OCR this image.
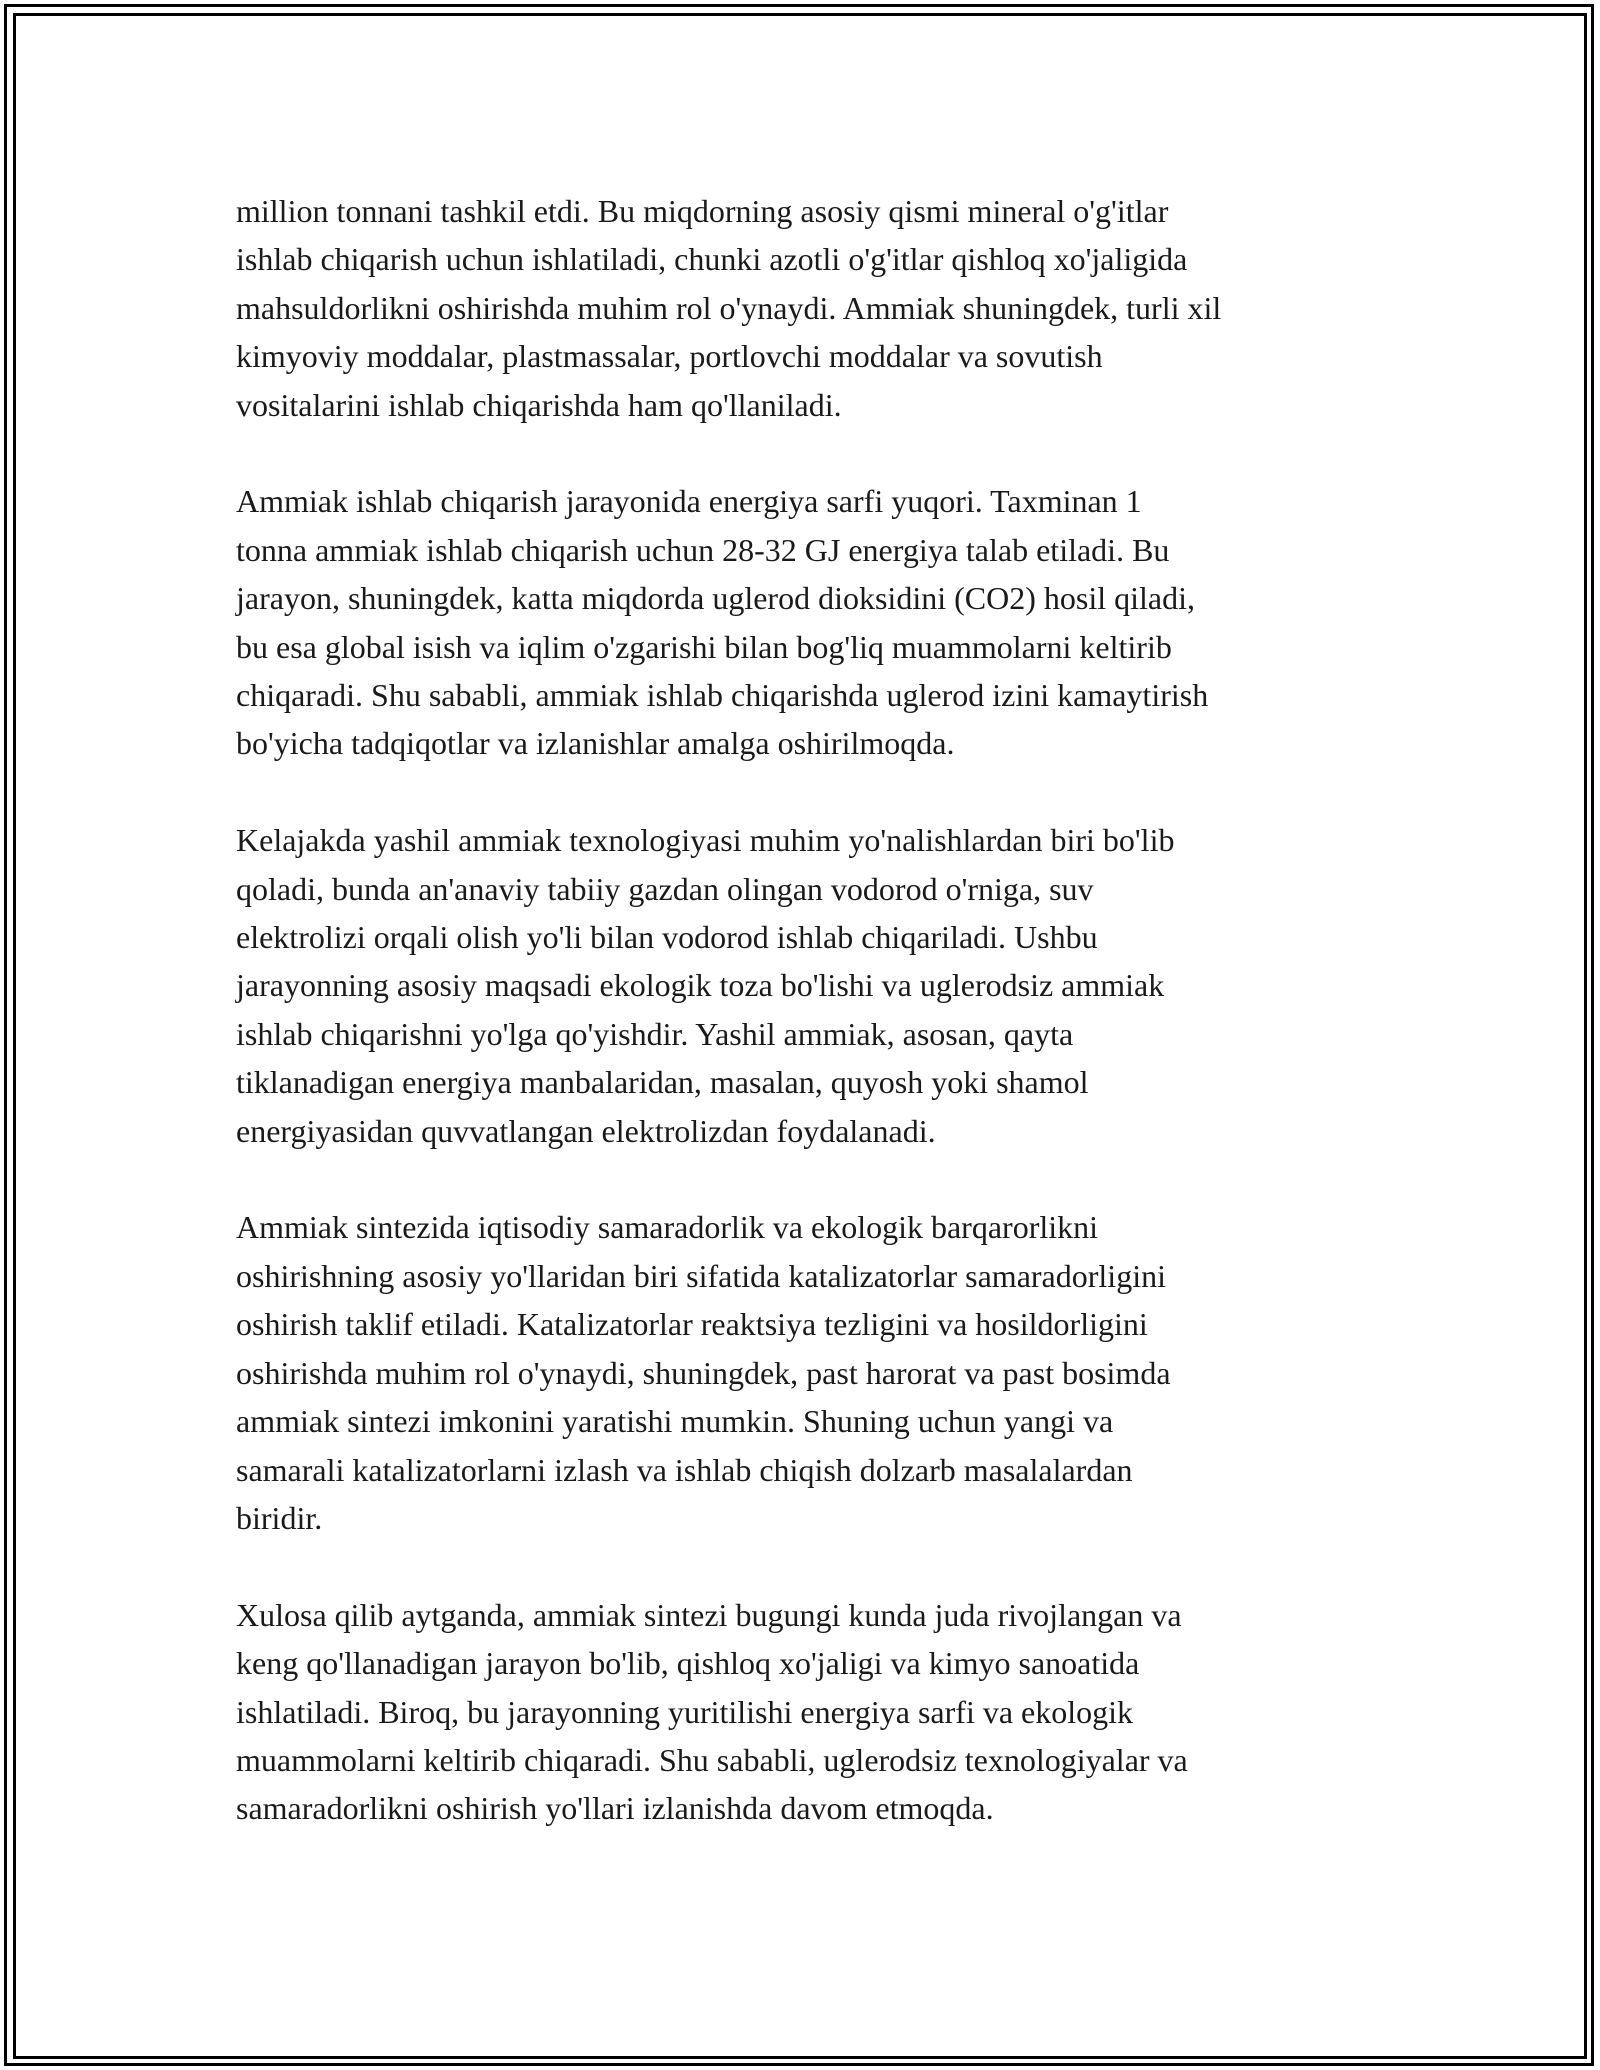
million tonnani tashkil etdi. Bu miqdorning asosiy qismi mineral o'g'itlar
ishlab chiqarish uchun ishlatiladi, chunki azotli o'g'itlar qishloq xo'jaligida
mahsuldorlikni oshirishda muhim rol o'ynaydi. Ammiak shuningdek, turli xil
kimyoviy moddalar, plastmassalar, portlovchi moddalar va sovutish
vositalarini ishlab chiqarishda ham qo'llaniladi.

Ammiak ishlab chiqarish jarayonida energiya sarfi yuqori. Taxminan 1
tonna ammiak ishlab chiqarish uchun 28-32 GJ energiya talab etiladi. Bu
jarayon, shuningdek, katta miqdorda uglerod dioksidini (CO2) hosil qiladi,
bu esa global isish va iqlim o'zgarishi bilan bog'liq muammolarni keltirib
chiqaradi. Shu sababli, ammiak ishlab chiqarishda uglerod izini kamaytirish
bo'yicha tadqiqotlar va izlanishlar amalga oshirilmoqda.

Kelajakda yashil ammiak texnologiyasi muhim yo'nalishlardan biri bo'lib
qoladi, bunda an'anaviy tabiiy gazdan olingan vodorod o'rniga, suv
elektrolizi orqali olish yo'li bilan vodorod ishlab chiqariladi. Ushbu
jarayonning asosiy maqsadi ekologik toza bo'lishi va uglerodsiz ammiak
ishlab chiqarishni yo'lga qo'yishdir. Yashil ammiak, asosan, qayta
tiklanadigan energiya manbalaridan, masalan, quyosh yoki shamol
energiyasidan quvvatlangan elektrolizdan foydalanadi.

Ammiak sintezida iqtisodiy samaradorlik va ekologik barqarorlikni
oshirishning asosiy yo'llaridan biri sifatida katalizatorlar samaradorligini
oshirish taklif etiladi. Katalizatorlar reaktsiya tezligini va hosildorligini
oshirishda muhim rol o'ynaydi, shuningdek, past harorat va past bosimda
ammiak sintezi imkonini yaratishi mumkin. Shuning uchun yangi va
samarali katalizatorlarni izlash va ishlab chiqish dolzarb masalalardan
biridir.

Xulosa qilib aytganda, ammiak sintezi bugungi kunda juda rivojlangan va
keng qo'llanadigan jarayon bo'lib, qishloq xo'jaligi va kimyo sanoatida
ishlatiladi. Biroq, bu jarayonning yuritilishi energiya sarfi va ekologik
muammolarni keltirib chiqaradi. Shu sababli, uglerodsiz texnologiyalar va
samaradorlikni oshirish yo'llari izlanishda davom etmoqda.
